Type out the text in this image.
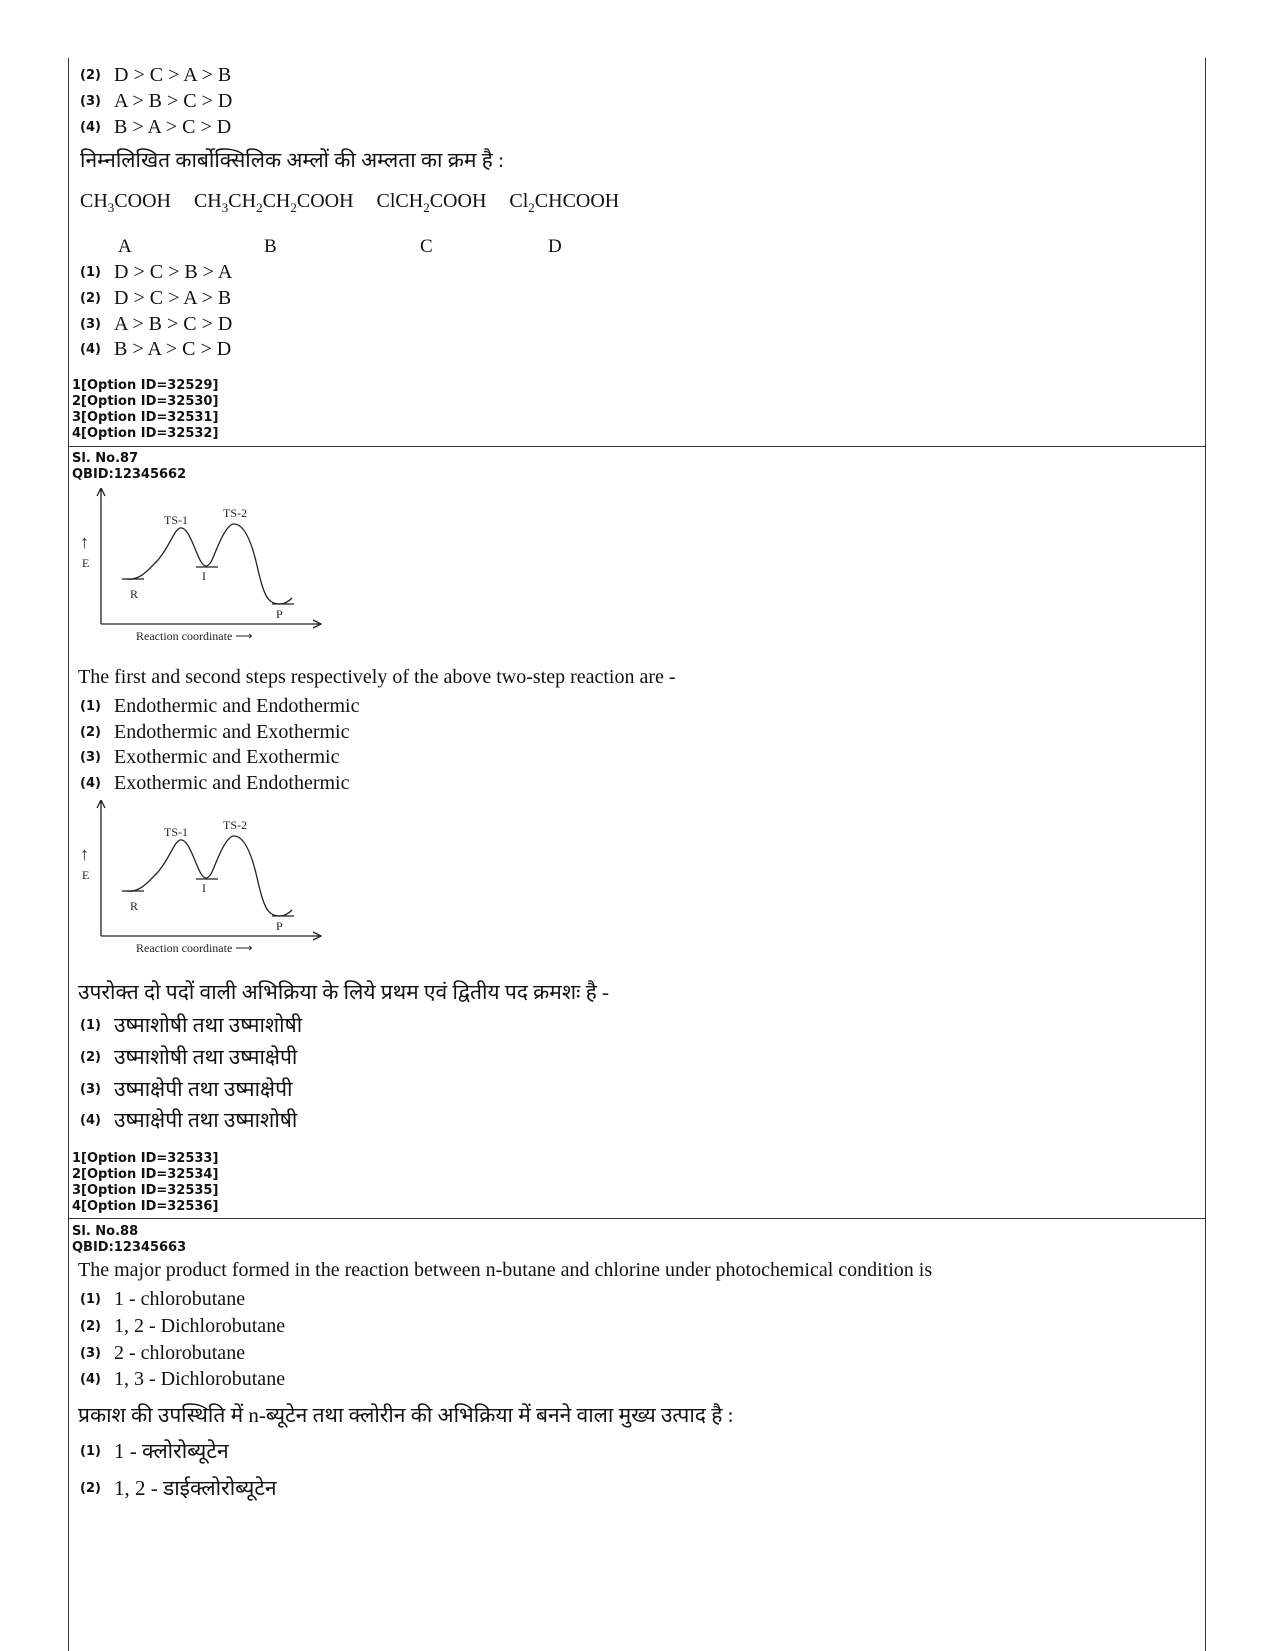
(2) D > C > A > B
(3) A > B > C > D
(4) B > A > C > D
निम्नलिखित कार्बोक्सिलिक अम्लों की अम्लता का क्रम है :
$CH_3COOH$ $CH_3CH_2CH_2COOH$ ClCH$_2$COOH $Cl_2CHCOOH$
A	B	C	D
(1) D > C > B > A
(2) D > C > A > B
(3) A > B > C > D
(4) B > A > C > D
1[Option ID=32529]
2[Option ID=32530]
3[Option ID=32531]
4[Option ID=32532]
Sl. No.87
QBID:12345662
TS-1	TS-2
I
R
P
↑
E
Reaction coordinate ⟶
The first and second steps respectively of the above two-step reaction are -
(1) Endothermic and Endothermic
(2) Endothermic and Exothermic
(3) Exothermic and Exothermic
(4) Exothermic and Endothermic
TS-1	TS-2
I
R
P
↑
E
Reaction coordinate ⟶
उपरोक्त दो पदों वाली अभिक्रिया के लिये प्रथम एवं द्वितीय पद क्रमशः है -
(1) उष्माशोषी तथा उष्माशोषी
(2) उष्माशोषी तथा उष्माक्षेपी
(3) उष्माक्षेपी तथा उष्माक्षेपी
(4) उष्माक्षेपी तथा उष्माशोषी
1[Option ID=32533]
2[Option ID=32534]
3[Option ID=32535]
4[Option ID=32536]
Sl. No.88
QBID:12345663
The major product formed in the reaction between n-butane and chlorine under photochemical condition is
(1) 1 - chlorobutane
(2) 1, 2 - Dichlorobutane
(3) 2 - chlorobutane
(4) 1, 3 - Dichlorobutane
प्रकाश की उपस्थिति में n-ब्यूटेन तथा क्लोरीन की अभिक्रिया में बनने वाला मुख्य उत्पाद है :
(1) 1 - क्लोरोब्यूटेन
(2) 1, 2 - डाईक्लोरोब्यूटेन
